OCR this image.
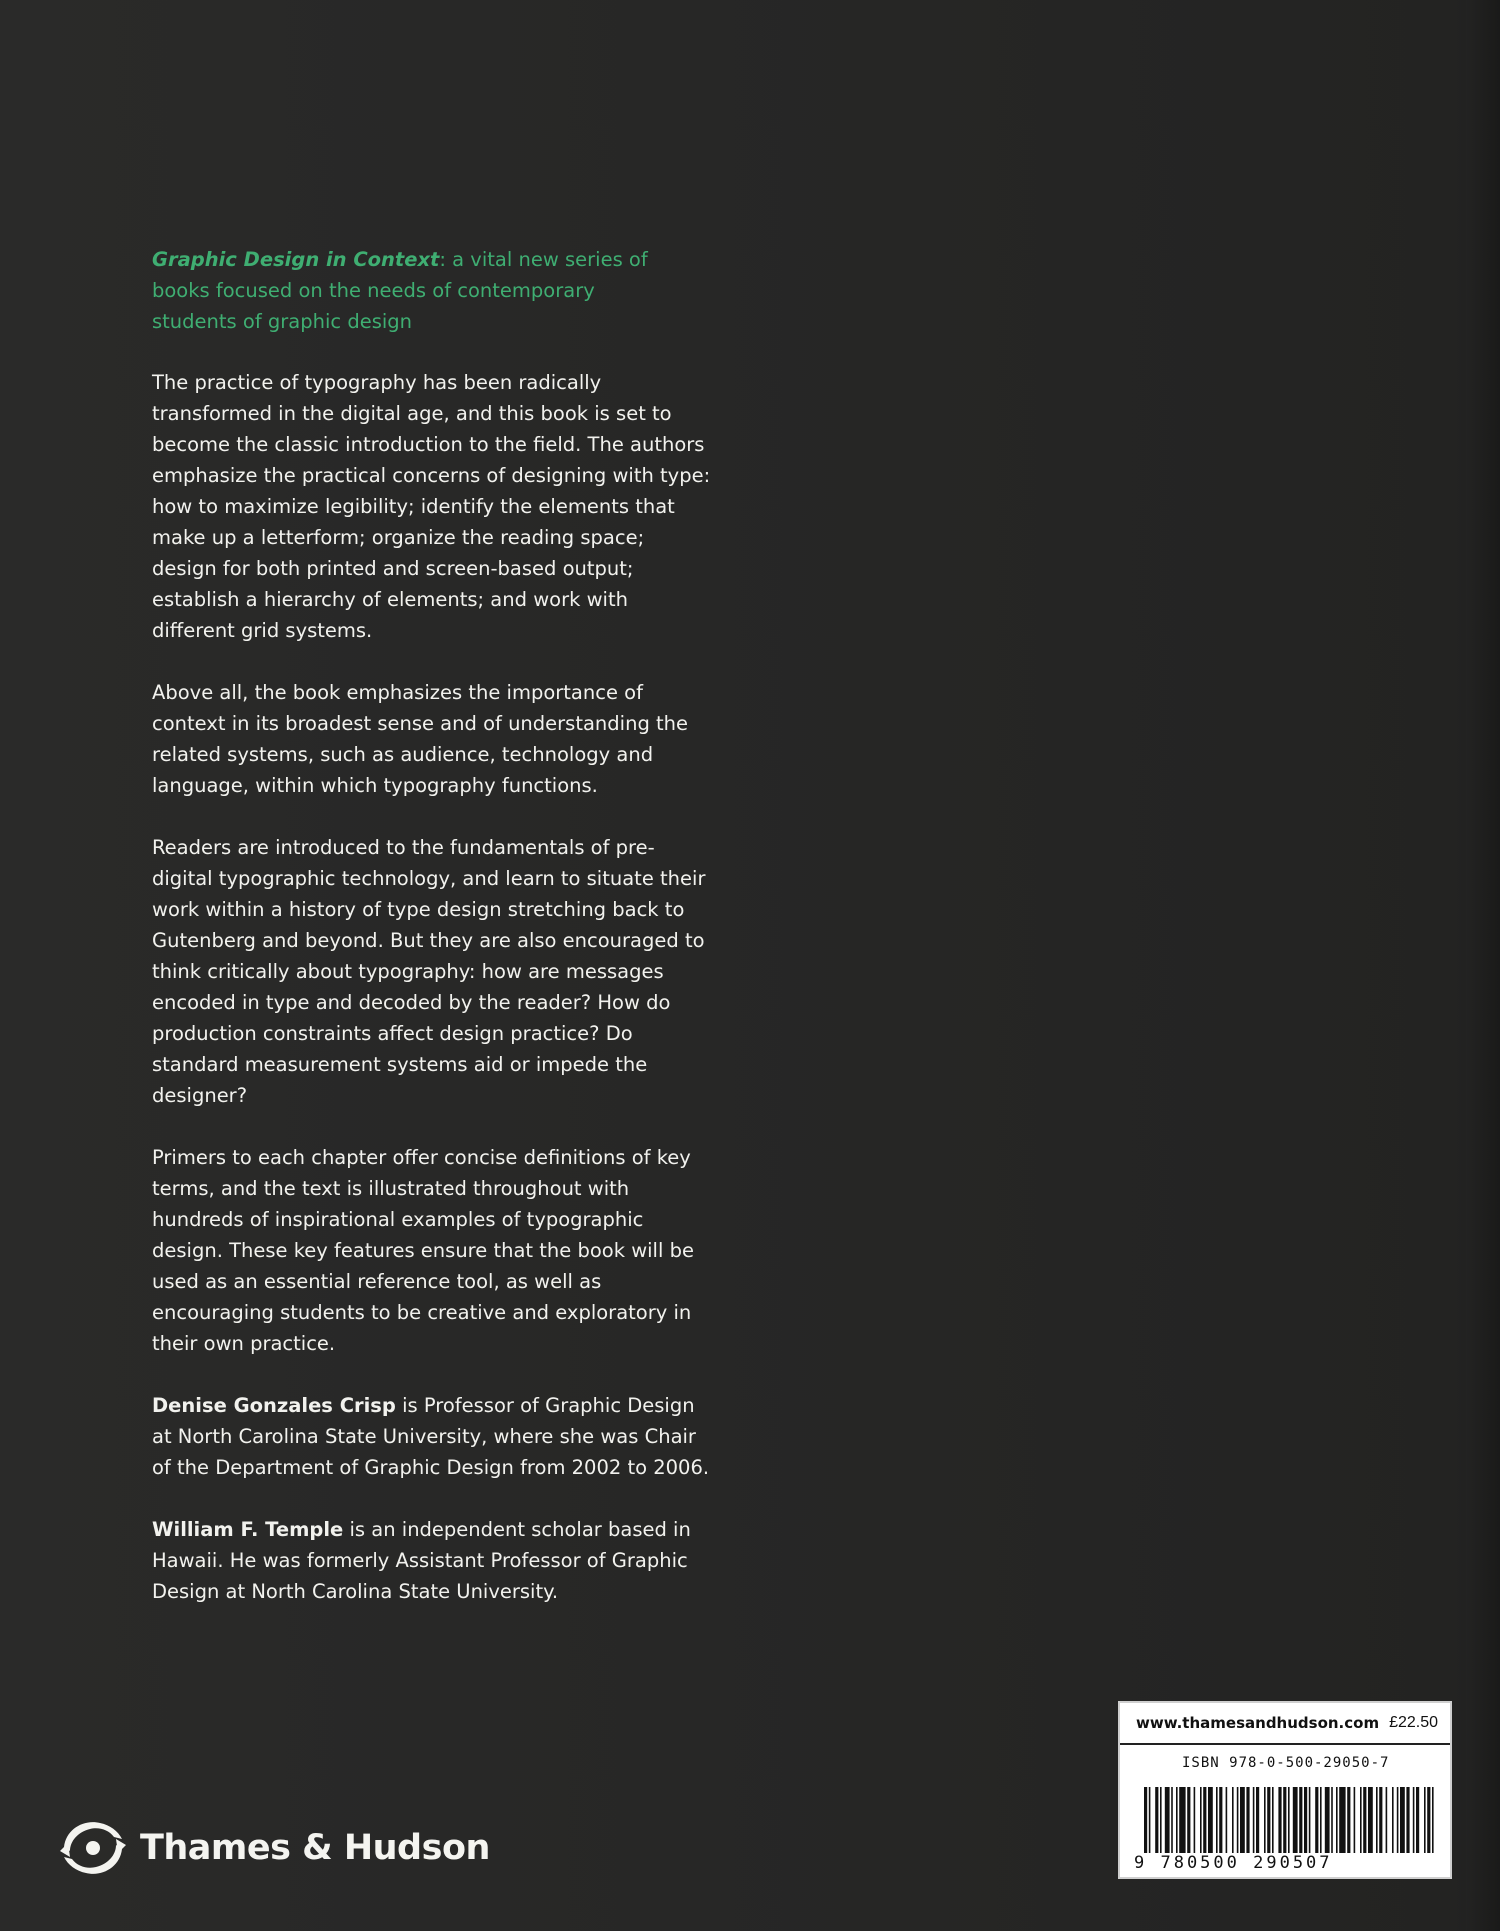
Graphic Design in Context: a vital new series of books focused on the needs of contemporary students of graphic design

The practice of typography has been radically transformed in the digital age, and this book is set to become the classic introduction to the field. The authors emphasize the practical concerns of designing with type: how to maximize legibility; identify the elements that make up a letterform; organize the reading space; design for both printed and screen-based output; establish a hierarchy of elements; and work with different grid systems.

Above all, the book emphasizes the importance of context in its broadest sense and of understanding the related systems, such as audience, technology and language, within which typography functions.

Readers are introduced to the fundamentals of pre-digital typographic technology, and learn to situate their work within a history of type design stretching back to Gutenberg and beyond. But they are also encouraged to think critically about typography: how are messages encoded in type and decoded by the reader? How do production constraints affect design practice? Do standard measurement systems aid or impede the designer?

Primers to each chapter offer concise definitions of key terms, and the text is illustrated throughout with hundreds of inspirational examples of typographic design. These key features ensure that the book will be used as an essential reference tool, as well as encouraging students to be creative and exploratory in their own practice.

Denise Gonzales Crisp is Professor of Graphic Design at North Carolina State University, where she was Chair of the Department of Graphic Design from 2002 to 2006.

William F. Temple is an independent scholar based in Hawaii. He was formerly Assistant Professor of Graphic Design at North Carolina State University.

Thames & Hudson
www.thamesandhudson.com £22.50
ISBN 978-0-500-29050-7
9 780500 290507
